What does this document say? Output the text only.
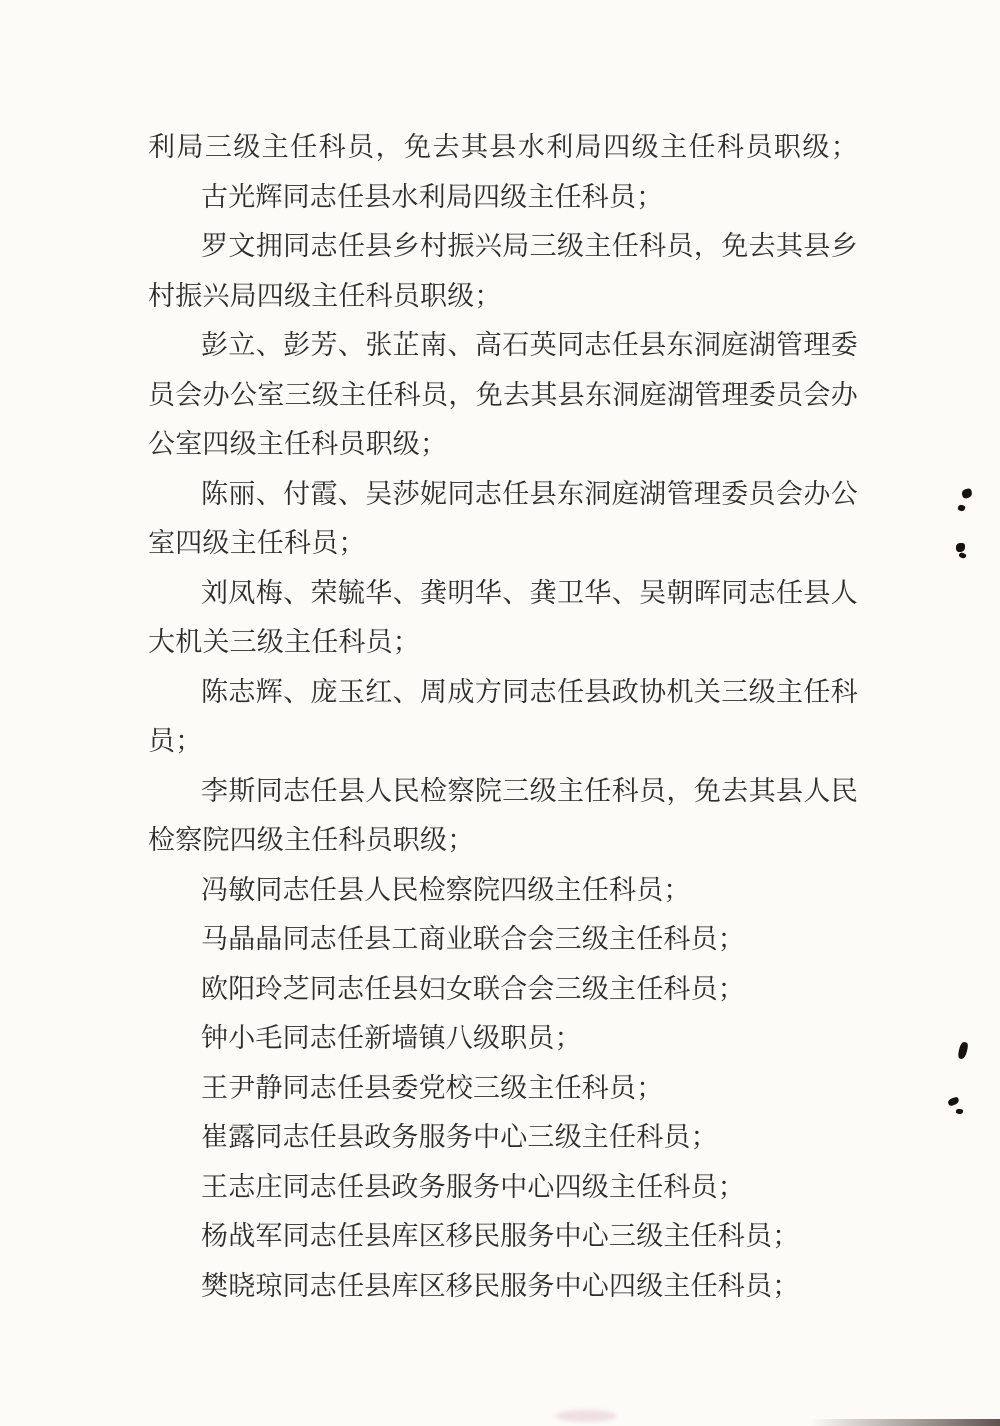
利局三级主任科员，免去其县水利局四级主任科员职级；
古光辉同志任县水利局四级主任科员；
罗文拥同志任县乡村振兴局三级主任科员，免去其县乡
村振兴局四级主任科员职级；
彭立、彭芳、张芷南、高石英同志任县东洞庭湖管理委
员会办公室三级主任科员，免去其县东洞庭湖管理委员会办
公室四级主任科员职级；
陈丽、付霞、吴莎妮同志任县东洞庭湖管理委员会办公
室四级主任科员；
刘凤梅、荣毓华、龚明华、龚卫华、吴朝晖同志任县人
大机关三级主任科员；
陈志辉、庞玉红、周成方同志任县政协机关三级主任科
员；
李斯同志任县人民检察院三级主任科员，免去其县人民
检察院四级主任科员职级；
冯敏同志任县人民检察院四级主任科员；
马晶晶同志任县工商业联合会三级主任科员；
欧阳玲芝同志任县妇女联合会三级主任科员；
钟小毛同志任新墙镇八级职员；
王尹静同志任县委党校三级主任科员；
崔露同志任县政务服务中心三级主任科员；
王志庄同志任县政务服务中心四级主任科员；
杨战军同志任县库区移民服务中心三级主任科员；
樊晓琼同志任县库区移民服务中心四级主任科员；
